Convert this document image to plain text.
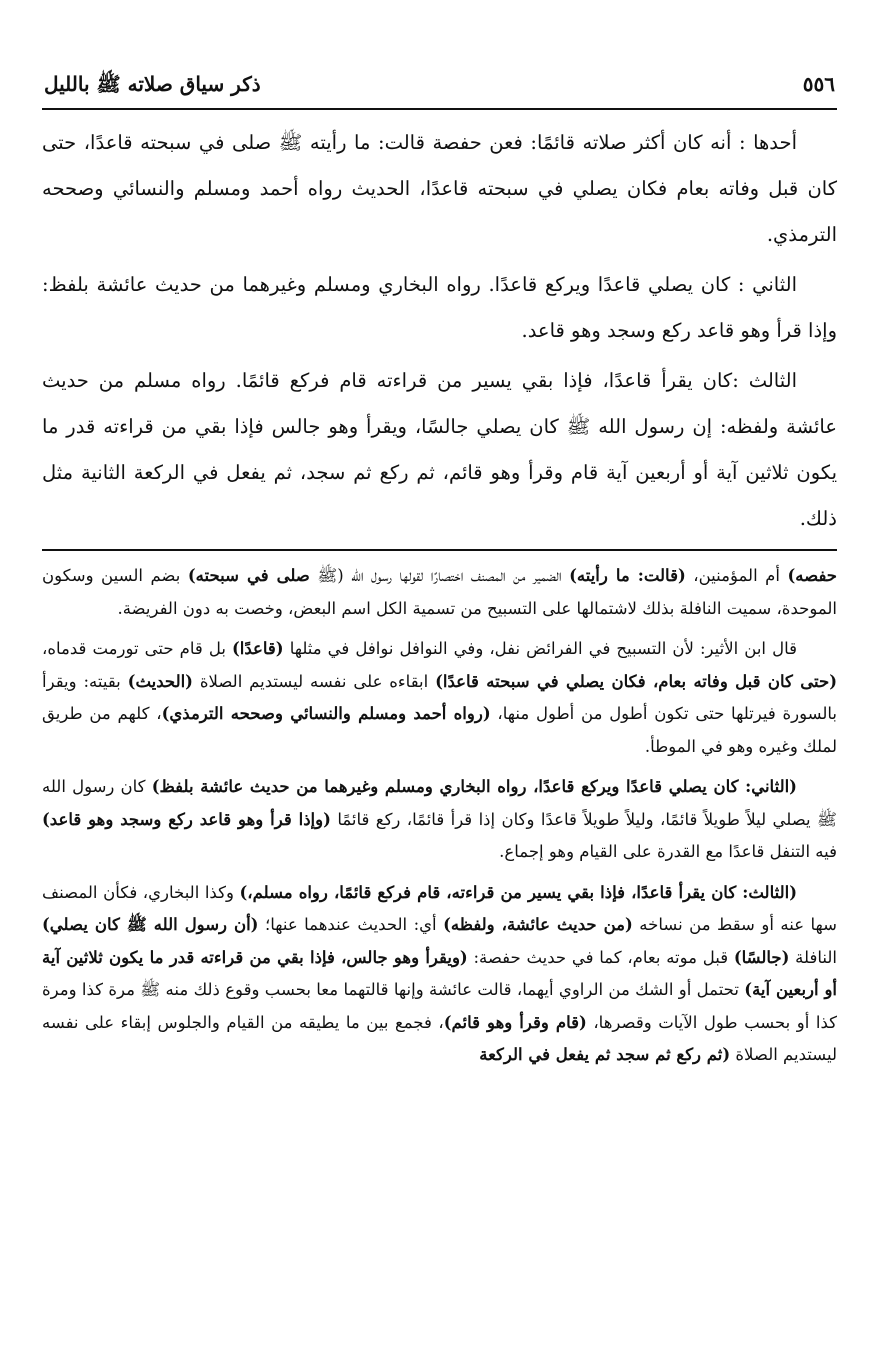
ذكر سياق صلاته ﷺ بالليل	٥٥٦

أحدها : أنه كان أكثر صلاته قائمًا: فعن حفصة قالت: ما رأيته ﷺ صلى في سبحته قاعدًا، حتى كان قبل وفاته بعام فكان يصلي في سبحته قاعدًا، الحديث رواه أحمد ومسلم والنسائي وصححه الترمذي.

الثاني : كان يصلي قاعدًا ويركع قاعدًا. رواه البخاري ومسلم وغيرهما من حديث عائشة بلفظ: وإذا قرأ وهو قاعد ركع وسجد وهو قاعد.

الثالث :كان يقرأ قاعدًا، فإذا بقي يسير من قراءته قام فركع قائمًا. رواه مسلم من حديث عائشة ولفظه: إن رسول الله ﷺ كان يصلي جالسًا، ويقرأ وهو جالس فإذا بقي من قراءته قدر ما يكون ثلاثين آية أو أربعين آية قام وقرأ وهو قائم، ثم ركع ثم سجد، ثم يفعل في الركعة الثانية مثل ذلك.

حفصه) أم المؤمنين، (قالت: ما رأيته) الضمير من المصنف اختصارًا لقولها رسول الله (ﷺ صلى في سبحته) بضم السين وسكون الموحدة، سميت النافلة بذلك لاشتمالها على التسبيح من تسمية الكل اسم البعض، وخصت به دون الفريضة.

قال ابن الأثير: لأن التسبيح في الفرائض نفل، وفي النوافل نوافل في مثلها (قاعدًا) بل قام حتى تورمت قدماه، (حتى كان قبل وفاته بعام، فكان يصلي في سبحته قاعدًا) ابقاءه على نفسه ليستديم الصلاة (الحديث) بقيته: ويقرأ بالسورة فيرتلها حتى تكون أطول من أطول منها، (رواه أحمد ومسلم والنسائي وصححه الترمذي)، كلهم من طريق لملك وغيره وهو في الموطأ.

(الثاني: كان يصلي قاعدًا ويركع قاعدًا، رواه البخاري ومسلم وغيرهما من حديث عائشة بلفظ) كان رسول الله ﷺ يصلي ليلاً طويلاً قائمًا، وليلاً طويلاً قاعدًا وكان إذا قرأ قائمًا، ركع قائمًا (وإذا قرأ وهو قاعد ركع وسجد وهو قاعد) فيه التنفل قاعدًا مع القدرة على القيام وهو إجماع.

(الثالث: كان يقرأ قاعدًا، فإذا بقي يسير من قراءته، قام فركع قائمًا، رواه مسلم،) وكذا البخاري، فكأن المصنف سها عنه أو سقط من نساخه (من حديث عائشة، ولفظه) أي: الحديث عندهما عنها؛ (أن رسول الله ﷺ كان يصلي) النافلة (جالسًا) قبل موته بعام، كما في حديث حفصة: (ويقرأ وهو جالس، فإذا بقي من قراءته قدر ما يكون ثلاثين آية أو أربعين آية) تحتمل أو الشك من الراوي أيهما، قالت عائشة وإنها قالتهما معا بحسب وقوع ذلك منه ﷺ مرة كذا ومرة كذا أو بحسب طول الآيات وقصرها، (قام وقرأ وهو قائم)، فجمع بين ما يطيقه من القيام والجلوس إبقاء على نفسه ليستديم الصلاة (ثم ركع ثم سجد ثم يفعل في الركعة
